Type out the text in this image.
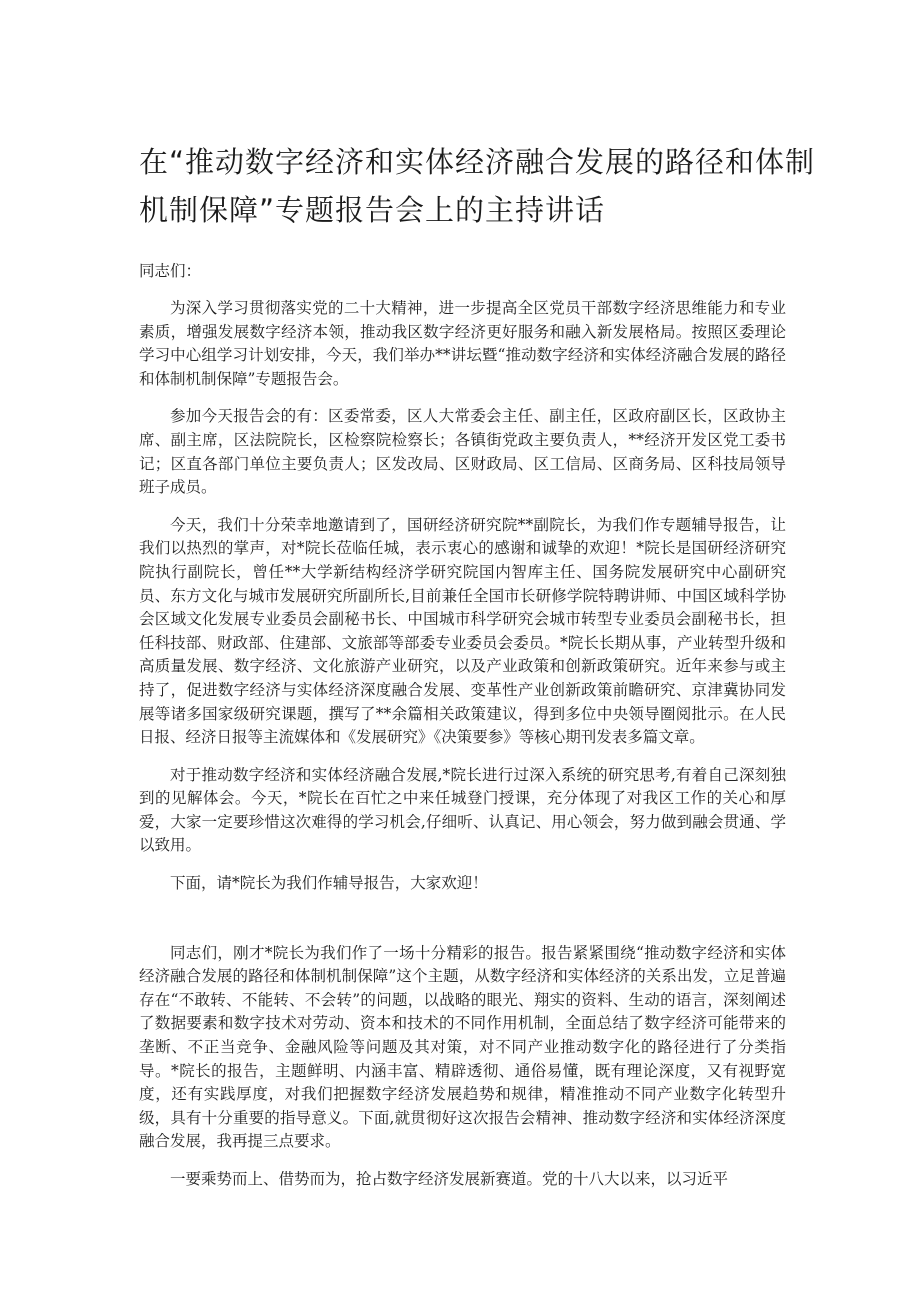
在“推动数字经济和实体经济融合发展的路径和体制
机制保障”专题报告会上的主持讲话
同志们：

为深入学习贯彻落实党的二十大精神，进一步提高全区党员干部数字经济思维能力和专业素质，增强发展数字经济本领，推动我区数字经济更好服务和融入新发展格局。按照区委理论学习中心组学习计划安排，今天，我们举办**讲坛暨“推动数字经济和实体经济融合发展的路径和体制机制保障”专题报告会。

参加今天报告会的有：区委常委，区人大常委会主任、副主任，区政府副区长，区政协主席、副主席，区法院院长，区检察院检察长；各镇街党政主要负责人，**经济开发区党工委书记；区直各部门单位主要负责人；区发改局、区财政局、区工信局、区商务局、区科技局领导班子成员。

今天，我们十分荣幸地邀请到了，国研经济研究院**副院长，为我们作专题辅导报告，让我们以热烈的掌声，对*院长莅临任城，表示衷心的感谢和诚挚的欢迎！*院长是国研经济研究院执行副院长，曾任**大学新结构经济学研究院国内智库主任、国务院发展研究中心副研究员、东方文化与城市发展研究所副所长,目前兼任全国市长研修学院特聘讲师、中国区域科学协会区域文化发展专业委员会副秘书长、中国城市科学研究会城市转型专业委员会副秘书长，担任科技部、财政部、住建部、文旅部等部委专业委员会委员。*院长长期从事，产业转型升级和高质量发展、数字经济、文化旅游产业研究，以及产业政策和创新政策研究。近年来参与或主持了，促进数字经济与实体经济深度融合发展、变革性产业创新政策前瞻研究、京津冀协同发展等诸多国家级研究课题，撰写了**余篇相关政策建议，得到多位中央领导圈阅批示。在人民日报、经济日报等主流媒体和《发展研究》《决策要参》等核心期刊发表多篇文章。

对于推动数字经济和实体经济融合发展,*院长进行过深入系统的研究思考,有着自己深刻独到的见解体会。今天，*院长在百忙之中来任城登门授课，充分体现了对我区工作的关心和厚爱，大家一定要珍惜这次难得的学习机会,仔细听、认真记、用心领会，努力做到融会贯通、学以致用。

下面，请*院长为我们作辅导报告，大家欢迎！

同志们，刚才*院长为我们作了一场十分精彩的报告。报告紧紧围绕“推动数字经济和实体经济融合发展的路径和体制机制保障”这个主题，从数字经济和实体经济的关系出发，立足普遍存在“不敢转、不能转、不会转”的问题，以战略的眼光、翔实的资料、生动的语言，深刻阐述了数据要素和数字技术对劳动、资本和技术的不同作用机制，全面总结了数字经济可能带来的垄断、不正当竞争、金融风险等问题及其对策，对不同产业推动数字化的路径进行了分类指导。*院长的报告，主题鲜明、内涵丰富、精辟透彻、通俗易懂，既有理论深度，又有视野宽度，还有实践厚度，对我们把握数字经济发展趋势和规律，精准推动不同产业数字化转型升级，具有十分重要的指导意义。下面,就贯彻好这次报告会精神、推动数字经济和实体经济深度融合发展，我再提三点要求。

一要乘势而上、借势而为，抢占数字经济发展新赛道。党的十八大以来，以习近平
